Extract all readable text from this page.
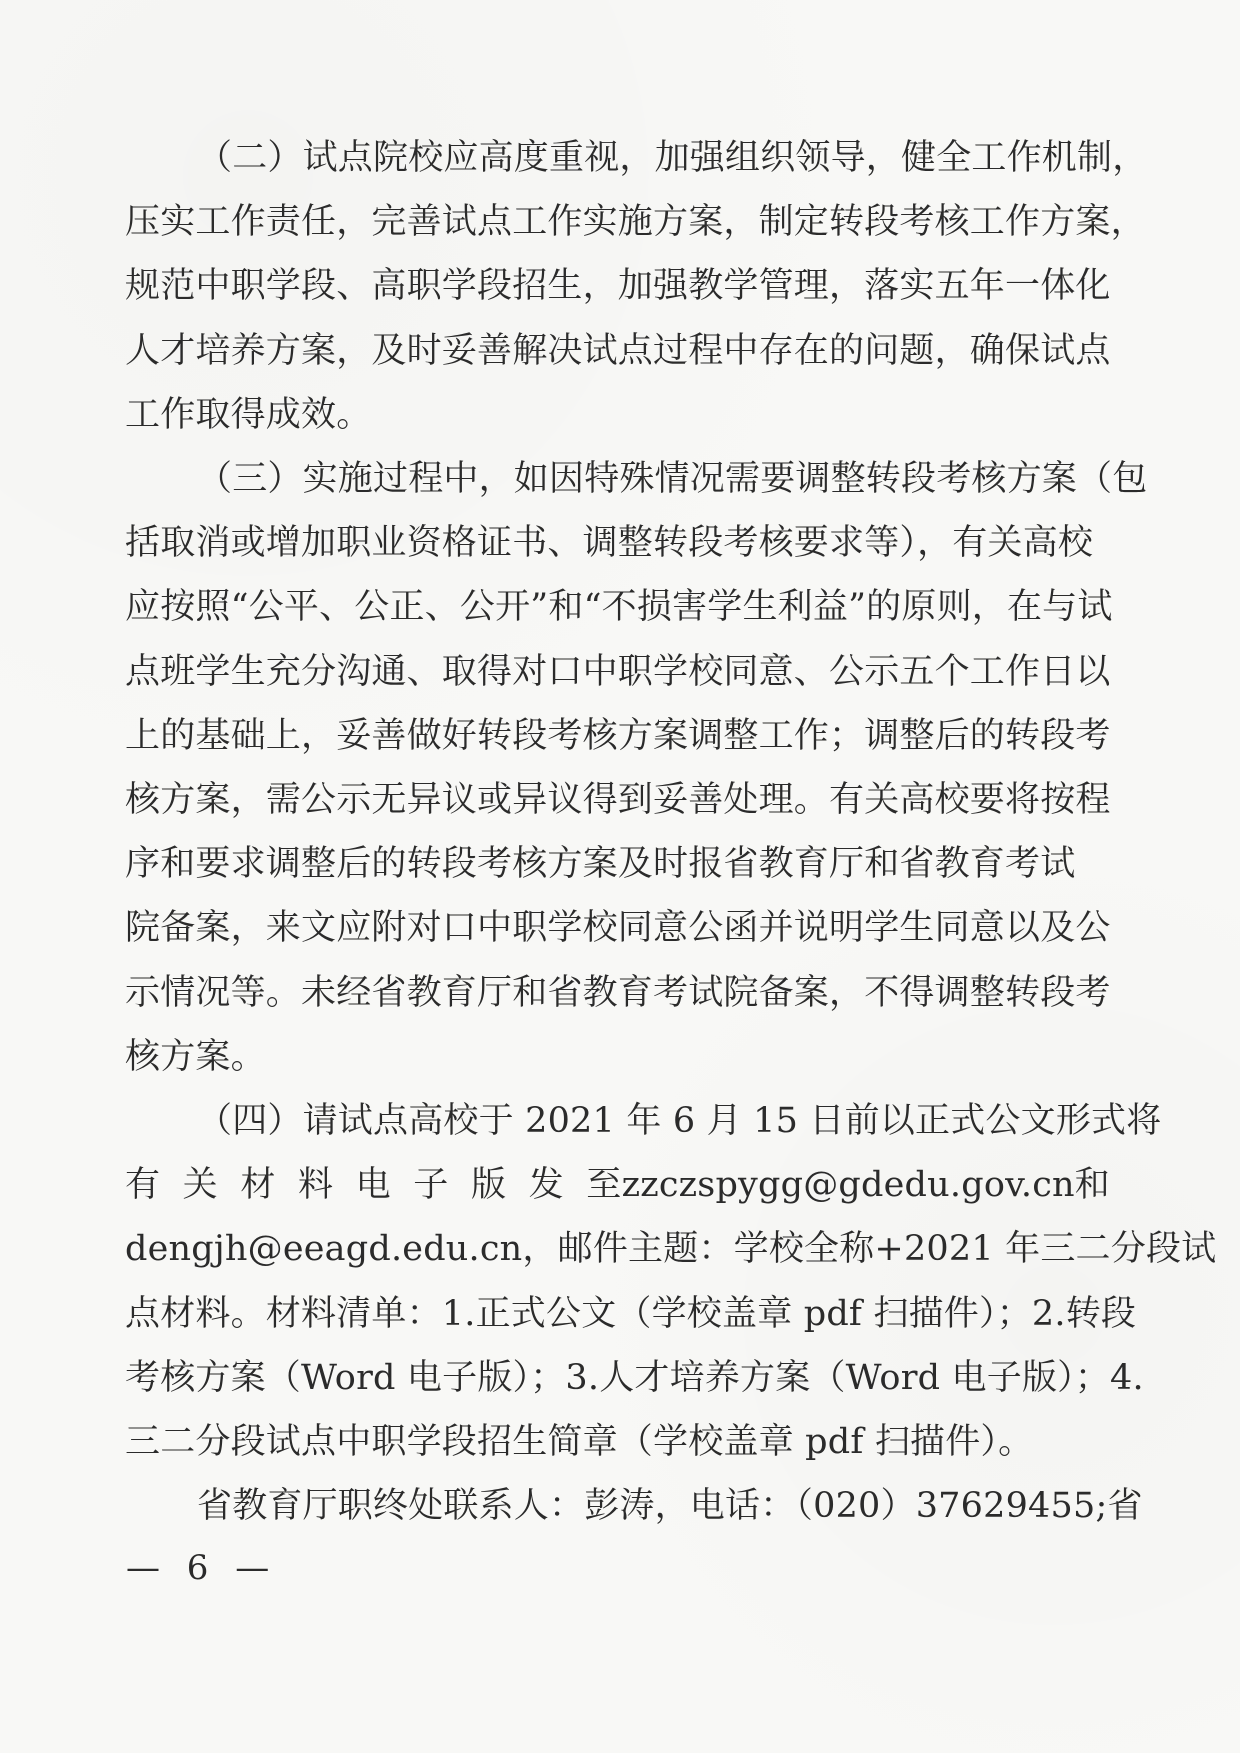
（二）试点院校应高度重视，加强组织领导，健全工作机制，
压实工作责任，完善试点工作实施方案，制定转段考核工作方案，
规范中职学段、高职学段招生，加强教学管理，落实五年一体化
人才培养方案，及时妥善解决试点过程中存在的问题，确保试点
工作取得成效。

（三）实施过程中，如因特殊情况需要调整转段考核方案（包
括取消或增加职业资格证书、调整转段考核要求等），有关高校
应按照“公平、公正、公开”和“不损害学生利益”的原则，在与试
点班学生充分沟通、取得对口中职学校同意、公示五个工作日以
上的基础上，妥善做好转段考核方案调整工作；调整后的转段考
核方案，需公示无异议或异议得到妥善处理。有关高校要将按程
序和要求调整后的转段考核方案及时报省教育厅和省教育考试
院备案，来文应附对口中职学校同意公函并说明学生同意以及公
示情况等。未经省教育厅和省教育考试院备案，不得调整转段考
核方案。

（四）请试点高校于 2021 年 6 月 15 日前以正式公文形式将
有 关 材 料 电 子 版 发 至 zzczspygg@gdedu.gov.cn 和
dengjh@eeagd.edu.cn，邮件主题：学校全称+2021 年三二分段试
点材料。材料清单：1.正式公文（学校盖章 pdf 扫描件）；2.转段
考核方案（Word 电子版）；3.人才培养方案（Word 电子版）；4.
三二分段试点中职学段招生简章（学校盖章 pdf 扫描件）。

省教育厅职终处联系人：彭涛，电话：（020）37629455;省

— 6 —
